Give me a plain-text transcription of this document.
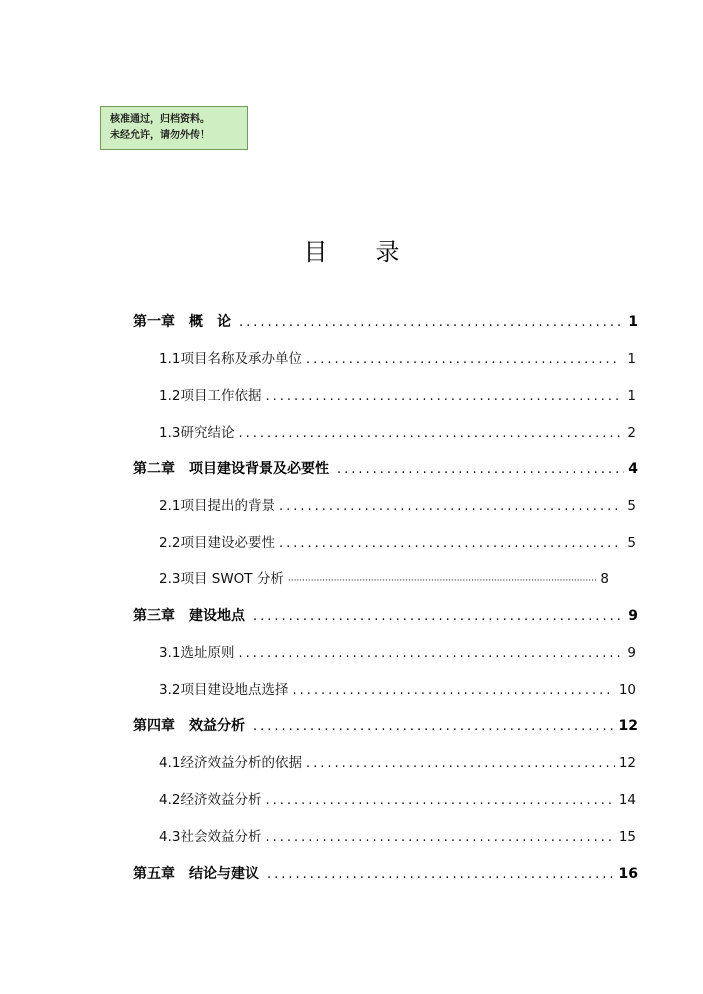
核准通过，归档资料。
未经允许，请勿外传！
目录
第一章　概　论 .....	1
1.1项目名称及承办单位 .....	1
1.2项目工作依据 .....	1
1.3研究结论 .....	2
第二章　项目建设背景及必要性 .....	4
2.1项目提出的背景 .....	5
2.2项目建设必要性 .....	5
2.3项目 SWOT 分析 ·····	8
第三章　建设地点 .....	9
3.1选址原则 .....	9
3.2项目建设地点选择 .....	10
第四章　效益分析 .....	12
4.1经济效益分析的依据 .....	12
4.2经济效益分析 .....	14
4.3社会效益分析 .....	15
第五章　结论与建议 .....	16
